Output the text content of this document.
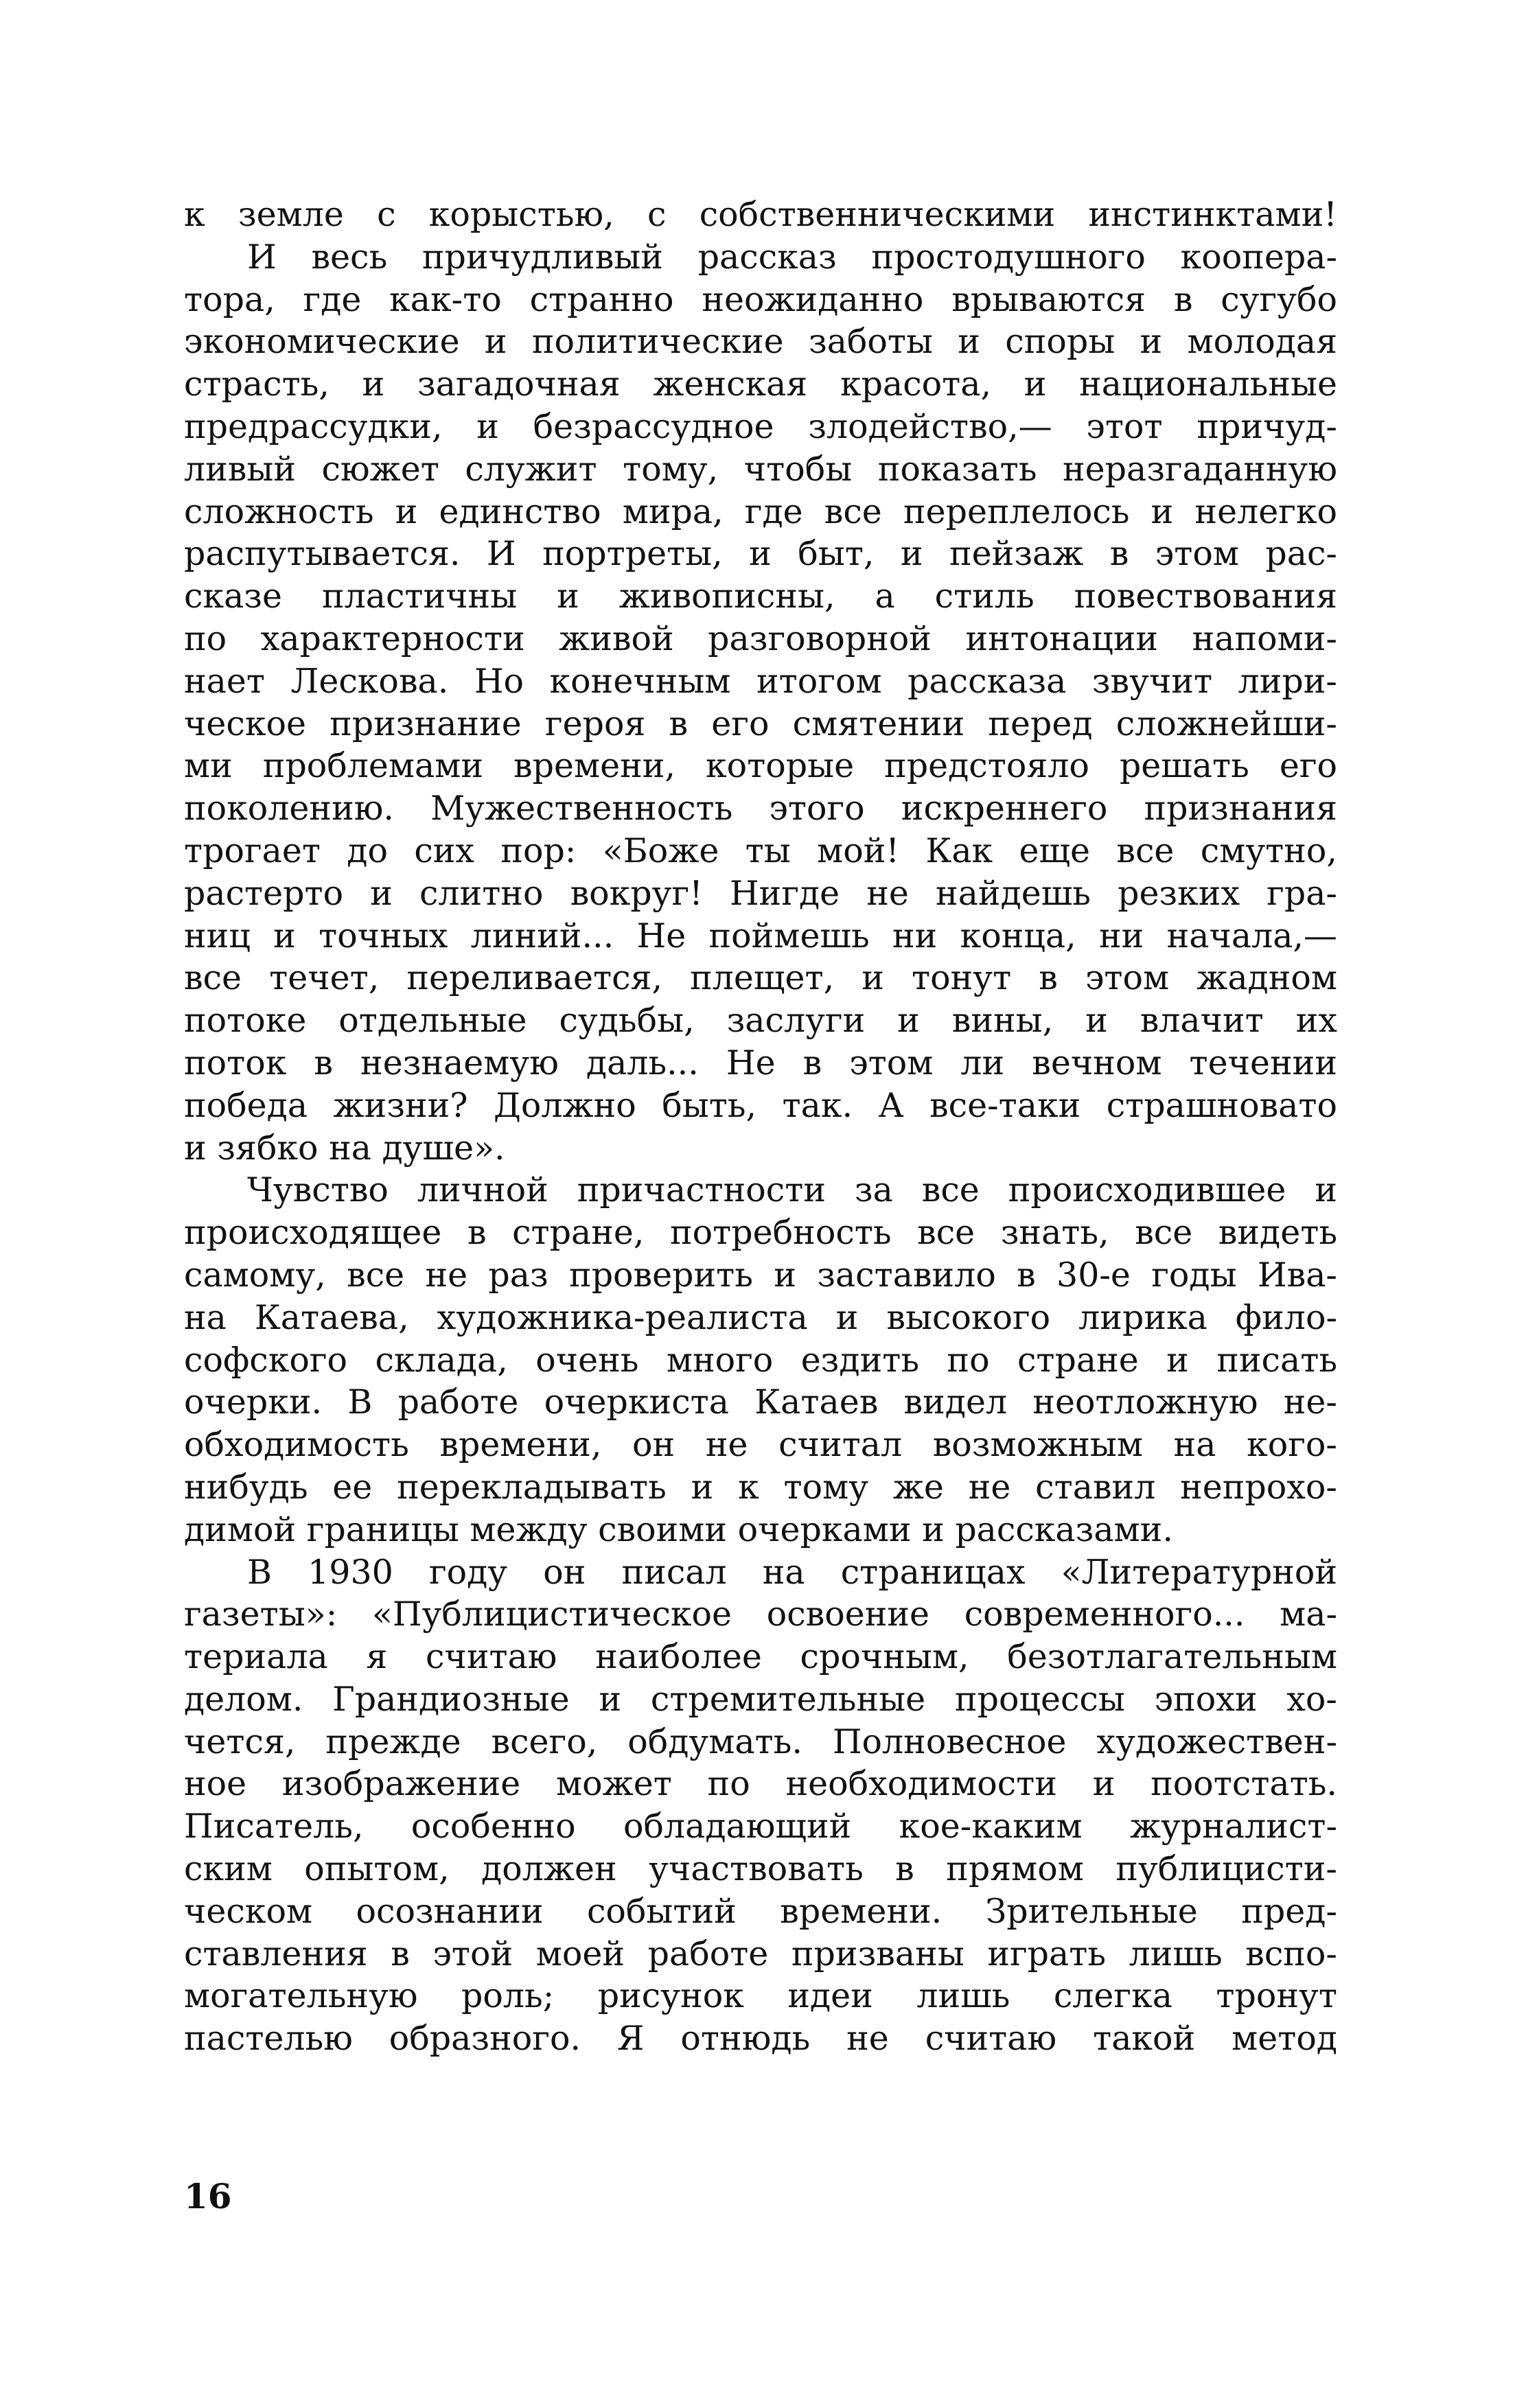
к земле с корыстью, с собственническими инстинктами!
И весь причудливый рассказ простодушного коопера-
тора, где как-то странно неожиданно врываются в сугубо
экономические и политические заботы и споры и молодая
страсть, и загадочная женская красота, и национальные
предрассудки, и безрассудное злодейство,— этот причуд-
ливый сюжет служит тому, чтобы показать неразгаданную
сложность и единство мира, где все переплелось и нелегко
распутывается. И портреты, и быт, и пейзаж в этом рас-
сказе пластичны и живописны, а стиль повествования
по характерности живой разговорной интонации напоми-
нает Лескова. Но конечным итогом рассказа звучит лири-
ческое признание героя в его смятении перед сложнейши-
ми проблемами времени, которые предстояло решать его
поколению. Мужественность этого искреннего признания
трогает до сих пор: «Боже ты мой! Как еще все смутно,
растерто и слитно вокруг! Нигде не найдешь резких гра-
ниц и точных линий... Не поймешь ни конца, ни начала,—
все течет, переливается, плещет, и тонут в этом жадном
потоке отдельные судьбы, заслуги и вины, и влачит их
поток в незнаемую даль... Не в этом ли вечном течении
победа жизни? Должно быть, так. А все-таки страшновато
и зябко на душе».
Чувство личной причастности за все происходившее и
происходящее в стране, потребность все знать, все видеть
самому, все не раз проверить и заставило в 30-е годы Ива-
на Катаева, художника-реалиста и высокого лирика фило-
софского склада, очень много ездить по стране и писать
очерки. В работе очеркиста Катаев видел неотложную не-
обходимость времени, он не считал возможным на кого-
нибудь ее перекладывать и к тому же не ставил непрохо-
димой границы между своими очерками и рассказами.
В 1930 году он писал на страницах «Литературной
газеты»: «Публицистическое освоение современного... ма-
териала я считаю наиболее срочным, безотлагательным
делом. Грандиозные и стремительные процессы эпохи хо-
чется, прежде всего, обдумать. Полновесное художествен-
ное изображение может по необходимости и поотстать.
Писатель, особенно обладающий кое-каким журналист-
ским опытом, должен участвовать в прямом публицисти-
ческом осознании событий времени. Зрительные пред-
ставления в этой моей работе призваны играть лишь вспо-
могательную роль; рисунок идеи лишь слегка тронут
пастелью образного. Я отнюдь не считаю такой метод
16
